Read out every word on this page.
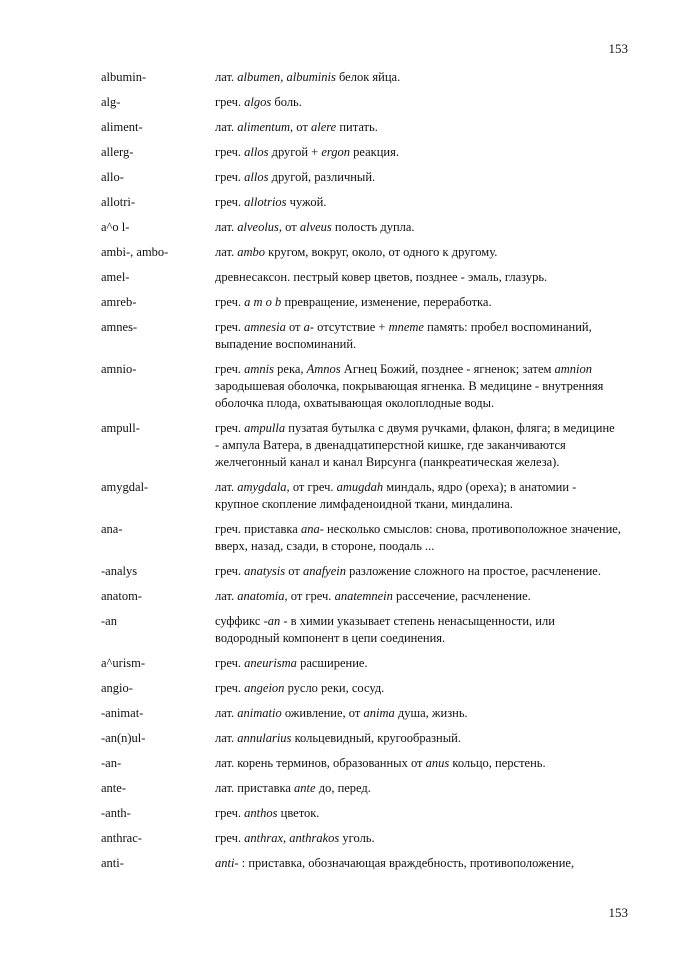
153
albumin-	лат. albumen, albuminis белок яйца.
alg-	греч. algos боль.
aliment-	лат. alimentum, от alere питать.
allerg-	греч. allos другой + ergon реакция.
allo-	греч. allos другой, различный.
allotri-	греч. allotrios чужой.
a^o l-	лат. alveolus, от alveus полость дупла.
ambi-, ambo-	лат. ambo кругом, вокруг, около, от одного к другому.
amel-	древнесаксон. пестрый ковер цветов, позднее - эмаль, глазурь.
amreb-	греч. a m o b превращение, изменение, переработка.
amnes-	греч. amnesia от a- отсутствие + mnеme память: пробел воспоминаний, выпадение воспоминаний.
amnio-	греч. amnis река, Amnos Агнец Божий, позднее - ягненок; затем amnion зародышевая оболочка, покрывающая ягненка. В медицине - внутренняя оболочка плода, охватывающая околоплодные воды.
ampull-	греч. ampulla пузатая бутылка с двумя ручками, флакон, фляга; в медицине - ампула Ватера, в двенадцатиперстной кишке, где заканчиваются желчегонный канал и канал Вирсунга (панкреатическая железа).
amygdal-	лат. amygdala, от греч. amugdah миндаль, ядро (ореха); в анатомии - крупное скопление лимфаденоидной ткани, миндалина.
ana-	греч. приставка ana- несколько смыслов: снова, противоположное значение, вверх, назад, сзади, в стороне, поодаль ...
-analys	греч. anatysis от anafyein разложение сложного на простое, расчленение.
anatom-	лат. anatomia, от греч. anatemnein рассечение, расчленение.
-an	суффикс -an - в химии указывает степень ненасыщенности, или водородный компонент в цепи соединения.
a^urism-	греч. aneurisma расширение.
angio-	греч. angeion русло реки, сосуд.
-animat-	лат. animatio оживление, от anima душа, жизнь.
-an(n)ul-	лат. annularius кольцевидный, кругообразный.
-an-	лат. корень терминов, образованных от anus кольцо, перстень.
ante-	лат. приставка ante до, перед.
-anth-	греч. anthos цветок.
anthrac-	греч. anthrax, anthrakos уголь.
anti-	anti- : приставка, обозначающая враждебность, противоположение,
153
